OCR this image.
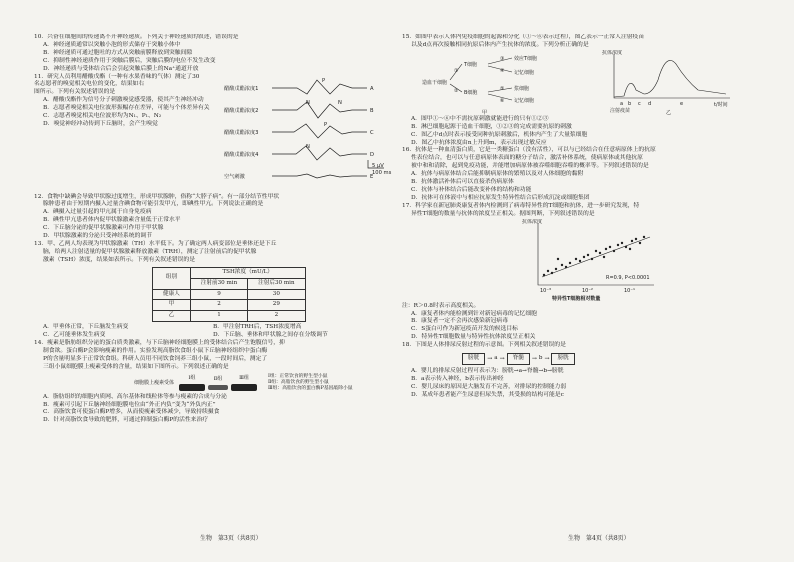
10．兴奋在细胞间的传递离不开神经递质。下列关于神经递质的叙述，错误的是

A．神经递质通常以突触小泡的形式储存于突触小体中

B．神经递质可通过胞吐的方式从突触前膜释放到突触间隙

C．抑制性神经递质作用于突触后膜后，突触后膜的电位不发生改变

D．神经递质与受体结合后会引起突触后膜上的Na⁺通道开放

11．研究人员利用醋酸戊酯（一种有水果香味的气体）测定了30

名志愿者的嗅觉相关电位的变化，结果如右

图所示。下列有关叙述错误的是

A．醋酸戊酯作为信号分子刺激嗅觉感受器，使其产生神经冲动

B．志愿者嗅觉相关电位波形振幅存在差异，可能与个体差异有关

C．志愿者嗅觉相关电位波形均为N₁、P₁、N₂

D．嗅觉神经冲动传到下丘脑时，会产生嗅觉

醋酸戊酯浓度1
醋酸戊酯浓度2
醋酸戊酯浓度3
醋酸戊酯浓度4
空气刺激
A
B
C
D
E
P
N	N
P
N
5 μV
100 ms

12．食物中缺碘会导致甲状腺过度增生，形成甲状腺肿，俗称“大脖子病”。有一部分结节性甲状

腺肿患者由于短期内摄入过量含碘食物可能引发甲亢，即碘性甲亢。下列说法正确的是

A．碘摄入过量引起的甲亢属于自身免疫病

B．碘性甲亢患者体内促甲状腺激素含量低于正常水平

C．下丘脑分泌的促甲状腺激素可作用于甲状腺

D．甲状腺激素的分泌只受神经系统的调节

13．甲、乙两人均表现为甲状腺激素（TH）水平低下。为了确定两人病变部位是垂体还是下丘

脑，给两人注射适量的促甲状腺激素释放激素（TRH），测定了注射前后的促甲状腺

激素（TSH）浓度，结果如表所示。下列有关叙述错误的是

组别	TSH浓度（mU/L）	
	注射前30 min	注射后30 min
健康人	9	30
甲	2	29
乙	1	2
A．甲垂体正常，下丘脑发生病变	B．甲注射TRH后，TSH浓度增高
C．乙可能垂体发生病变	D．下丘脑、垂体和甲状腺之间存在分级调节

14．瘦素是脂肪组织分泌的蛋白质类激素，与下丘脑神经细胞膜上的受体结合后产生饱腹信号，抑

制食欲。蛋白酶P会影响瘦素的作用。实验发现高脂饮食组小鼠下丘脑神经组织中蛋白酶

P的含量明显多于正常饮食组。科研人员用不同饮食饲养三组小鼠，一段时间后，测定了

三组小鼠细胞膜上瘦素受体的含量，结果如下图所示。下列叙述正确的是

细胞膜上瘦素受体
Ⅰ组	Ⅱ组	Ⅲ组	Ⅰ组：正常饮食的野生型小鼠
Ⅱ组：高脂饮食的野生型小鼠
Ⅲ组：高脂饮食的蛋白酶P基因敲除小鼠

A．脂肪组织的细胞内质网、高尔基体和线粒体等参与瘦素的合成与分泌

B．瘦素可引起下丘脑神经细胞膜电位由“外正内负”变为“外负内正”

C．高脂饮食可使蛋白酶P增多，从而使瘦素受体减少，导致持续摄食

D．针对高脂饮食导致的肥胖，可通过抑制蛋白酶P的活性来治疗

生物　第3页（共8页）

15．如图甲表示人体内免疫细胞的起源和分化（①～⑥表示过程），图乙表示一正常人注射疫苗

以及d点再次接触相同抗原后体内产生抗体的浓度。下列分析正确的是

造血干细胞
T细胞
效应T细胞
B细胞
浆细胞
记忆细胞
①
②
③
④
⑤
⑥
甲
记忆细胞
抗体浓度
t/时间
a b c d	e
注射疫苗	乙

A．图甲①～⑥中不需抗原刺激就能进行的只有①②③

B．淋巴细胞起源于造血干细胞，①②③的完成需要抗原的刺激

C．图乙中d点时表示接受同种抗原刺激后，机体内产生了大量浆细胞

D．图乙中抗体浓度由n上升到m，表示出现过敏反应

16．抗体是一种血清蛋白质，它是一类糖蛋白（没有活性），可以与已经结合在任意病原体上的抗原

性表位结合，也可以与任意病原体表面的糖分子结合，激活补体系统，使病原体或其他抗原

被中和和清除，起到免疫功能，并能增加病原体被吞噬细胞吞噬的概率等。下列叙述错误的是

A．抗体与病原体结合后能抑制病原体的繁殖以及对人体细胞的黏附

B．抗体激活补体后可以直接杀伤病原体

C．抗体与补体结合后能改变补体的结构和功能

D．抗体可在体液中与相应抗原发生特异性结合后形成沉淀或细胞集团

17．科学家在新冠肺炎康复者体内检测到了病毒特异性的T细胞和抗体，进一步研究发现，特

异性T细胞的数量与抗体的浓度呈正相关。据图判断，下列叙述错误的是

抗体浓度
10⁻³	10⁻²	10⁻¹
R=0.9, P<0.0001
特异性T细胞相对数量

注：R＞0.8时表示高度相关。

A．康复者体内能检测到针对新冠病毒的记忆细胞

B．康复者一定不会再次感染新冠病毒

C．S蛋白可作为新冠疫苗开发的候选目标

D．特异性T细胞数量与特异性抗体浓度呈正相关

18．下图是人体排尿反射过程的示意图。下列相关叙述错误的是

膀胱	→ a →	脊髓	→ b →	膀胱

A．婴儿的排尿反射过程可表示为：膀胱→a→脊髓→b→膀胱

B．a表示传入神经，b表示传出神经

C．婴儿尿床的原因是大脑发育不完善，对排尿的控制能力弱

D．某成年患者能产生尿意但尿失禁，其受损的结构可能是c

生物　第4页（共8页）
